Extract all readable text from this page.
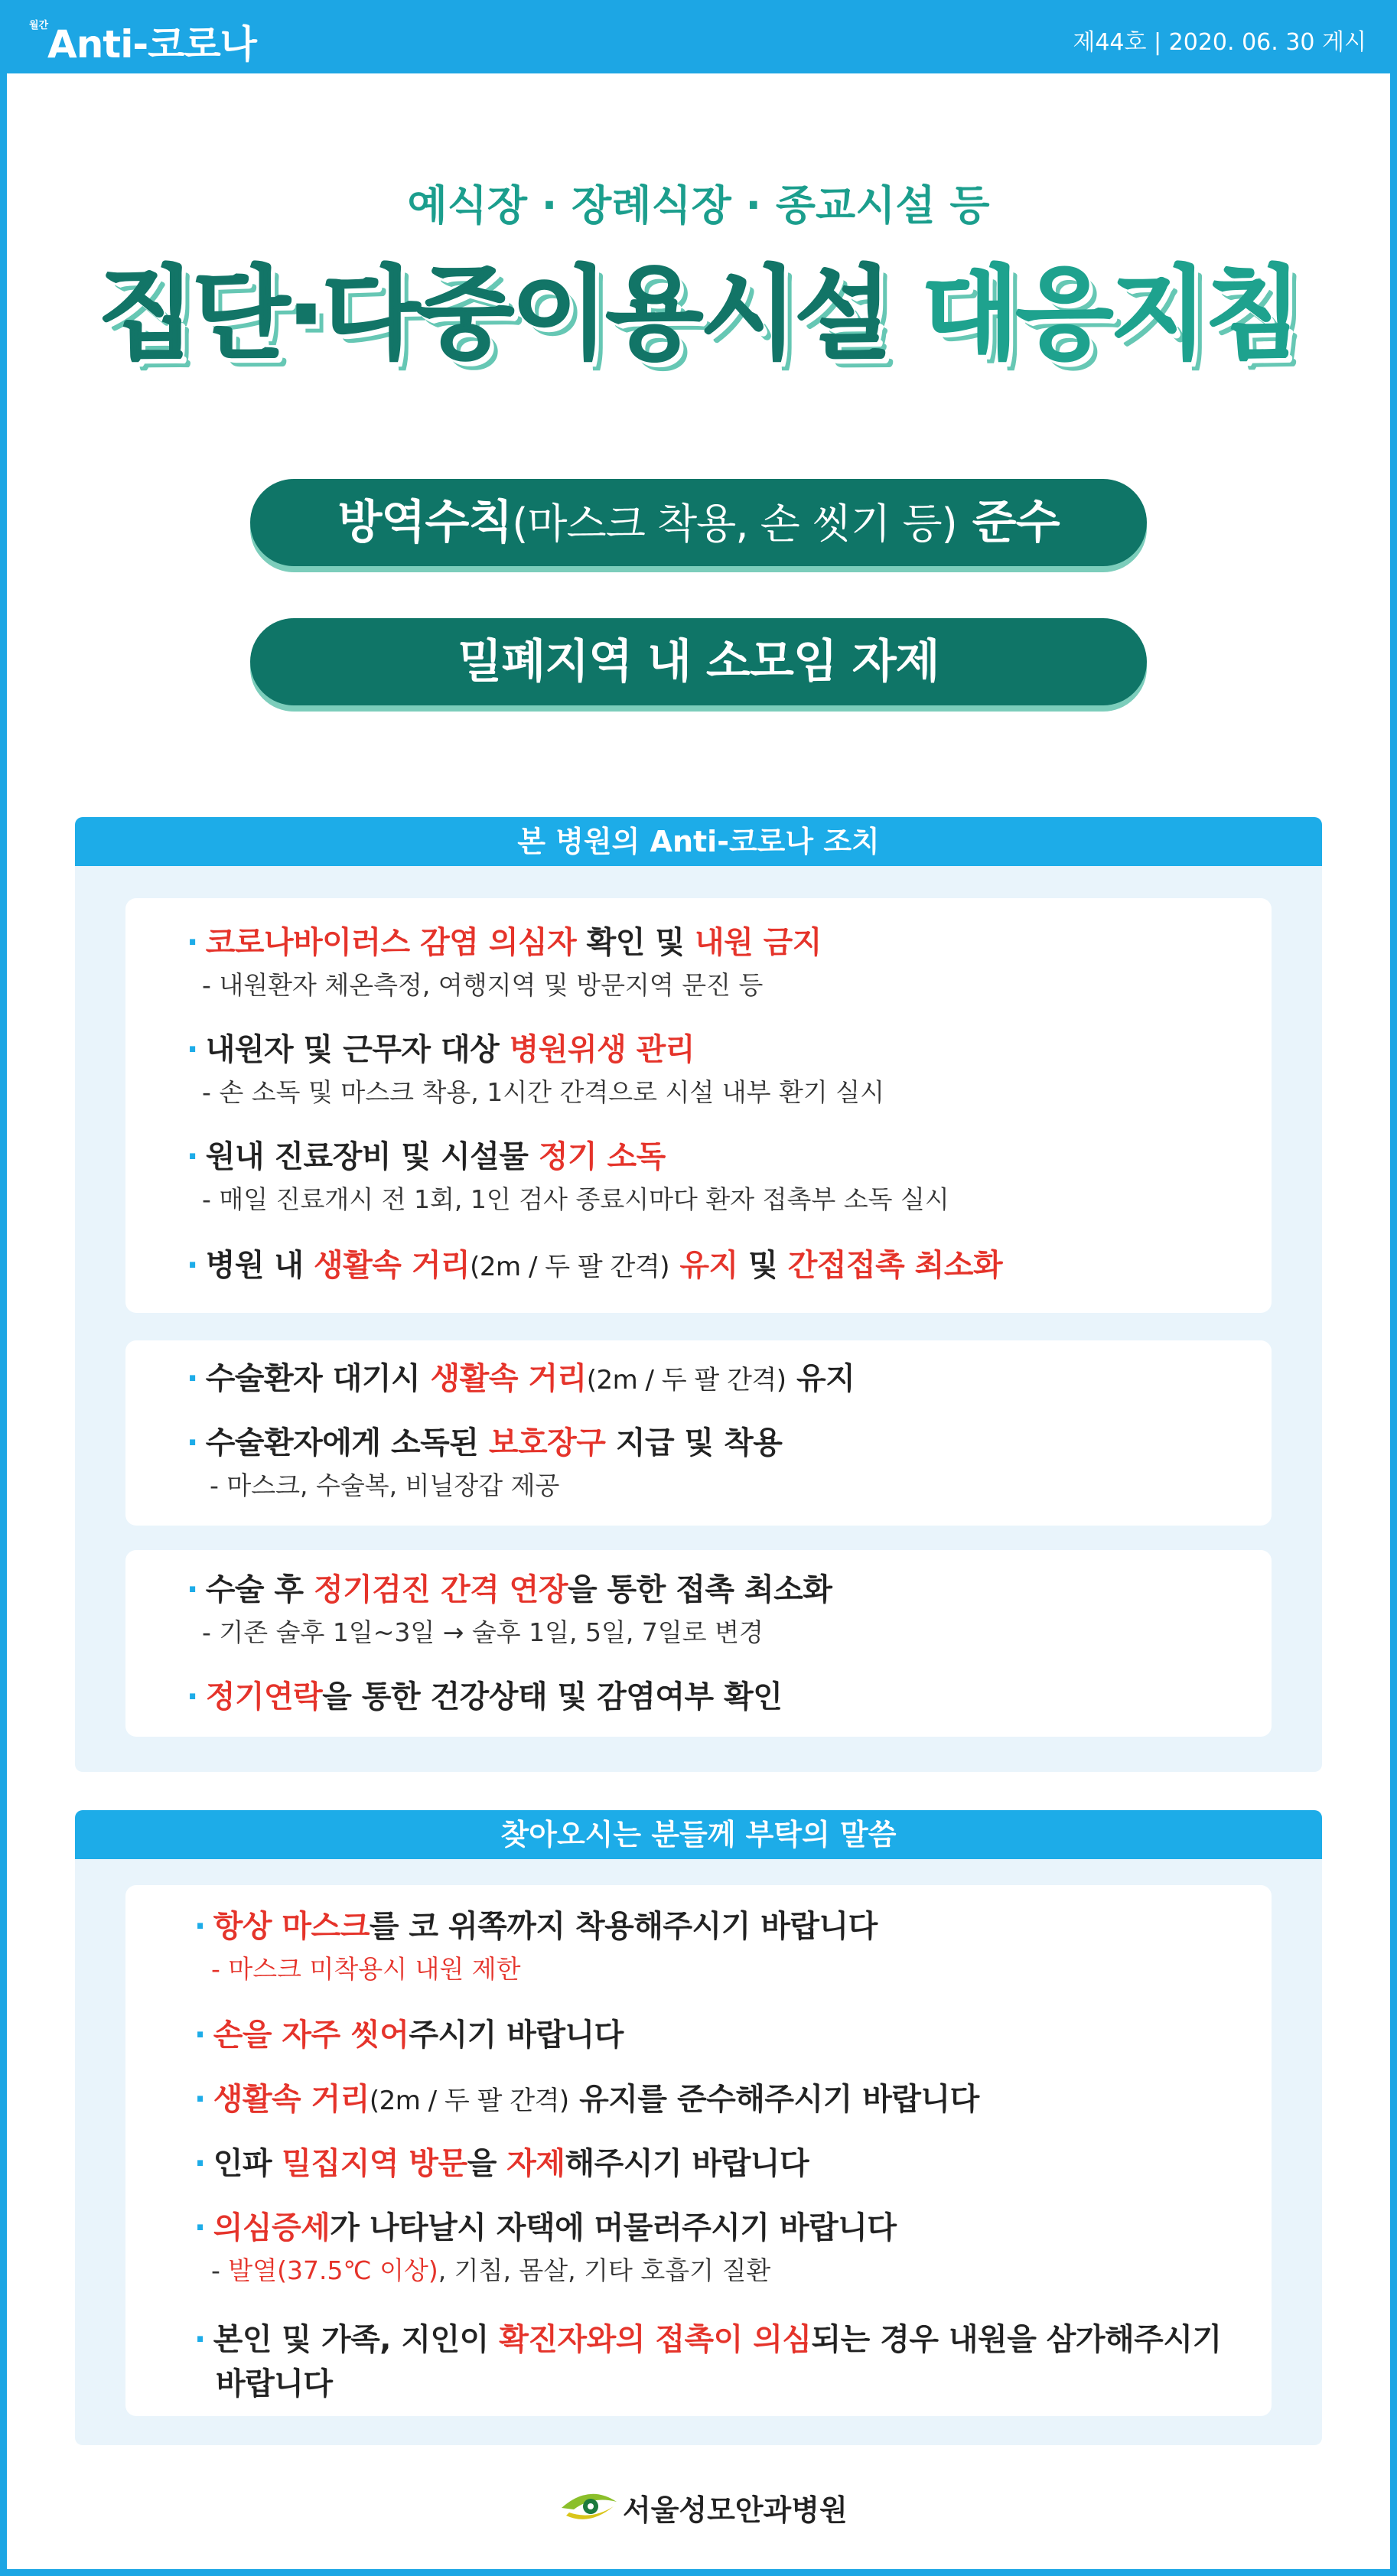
월간
Anti-코로나	제44호 | 2020. 06. 30 게시
예식장 · 장례식장 · 종교시설 등
집단·다중이용시설 대응지침
방역수칙(마스크 착용, 손 씻기 등) 준수
밀폐지역 내 소모임 자제
본 병원의 Anti-코로나 조치
· 코로나바이러스 감염 의심자 확인 및 내원 금지
- 내원환자 체온측정, 여행지역 및 방문지역 문진 등
· 내원자 및 근무자 대상 병원위생 관리
- 손 소독 및 마스크 착용, 1시간 간격으로 시설 내부 환기 실시
· 원내 진료장비 및 시설물 정기 소독
- 매일 진료개시 전 1회, 1인 검사 종료시마다 환자 접촉부 소독 실시
· 병원 내 생활속 거리(2m / 두 팔 간격) 유지 및 간접접촉 최소화
· 수술환자 대기시 생활속 거리(2m / 두 팔 간격) 유지
· 수술환자에게 소독된 보호장구 지급 및 착용
- 마스크, 수술복, 비닐장갑 제공
· 수술 후 정기검진 간격 연장을 통한 접촉 최소화
- 기존 술후 1일~3일 → 술후 1일, 5일, 7일로 변경
· 정기연락을 통한 건강상태 및 감염여부 확인
찾아오시는 분들께 부탁의 말씀
· 항상 마스크를 코 위쪽까지 착용해주시기 바랍니다
- 마스크 미착용시 내원 제한
· 손을 자주 씻어주시기 바랍니다
· 생활속 거리(2m / 두 팔 간격) 유지를 준수해주시기 바랍니다
· 인파 밀집지역 방문을 자제해주시기 바랍니다
· 의심증세가 나타날시 자택에 머물러주시기 바랍니다
- 발열(37.5℃ 이상), 기침, 몸살, 기타 호흡기 질환
· 본인 및 가족, 지인이 확진자와의 접촉이 의심되는 경우 내원을 삼가해주시기
바랍니다
서울성모안과병원
